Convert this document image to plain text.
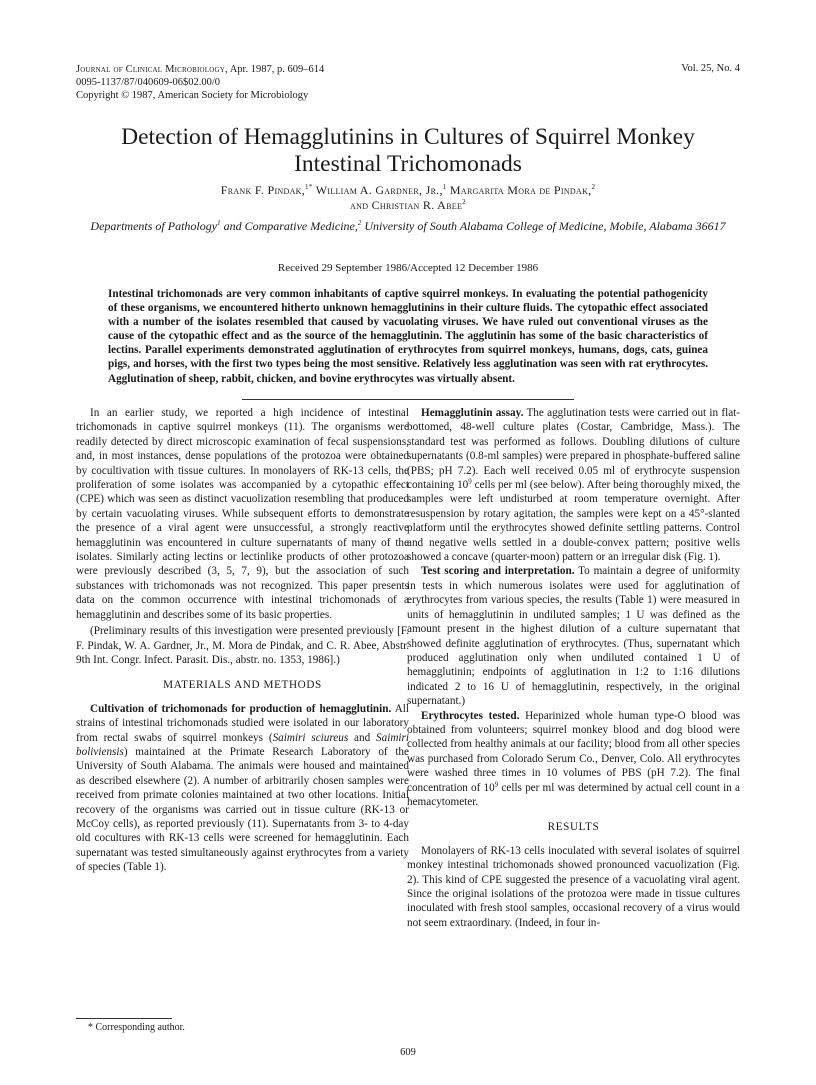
Journal of Clinical Microbiology, Apr. 1987, p. 609–614
0095-1137/87/040609-06$02.00/0
Copyright © 1987, American Society for Microbiology
Vol. 25, No. 4
Detection of Hemagglutinins in Cultures of Squirrel Monkey
Intestinal Trichomonads
Frank F. Pindak,$^{1*}$ William A. Gardner, Jr.,$^1$ Margarita Mora de Pindak,$^2$
and Christian R. Abee$^2$
Departments of Pathology$^1$ and Comparative Medicine,$^2$ University of South Alabama College of Medicine, Mobile, Alabama 36617
Received 29 September 1986/Accepted 12 December 1986
Intestinal trichomonads are very common inhabitants of captive squirrel monkeys. In evaluating the potential pathogenicity of these organisms, we encountered hitherto unknown hemagglutinins in their culture fluids. The cytopathic effect associated with a number of the isolates resembled that caused by vacuolating viruses. We have ruled out conventional viruses as the cause of the cytopathic effect and as the source of the hemagglutinin. The agglutinin has some of the basic characteristics of lectins. Parallel experiments demonstrated agglutination of erythrocytes from squirrel monkeys, humans, dogs, cats, guinea pigs, and horses, with the first two types being the most sensitive. Relatively less agglutination was seen with rat erythrocytes. Agglutination of sheep, rabbit, chicken, and bovine erythrocytes was virtually absent.

In an earlier study, we reported a high incidence of intestinal trichomonads in captive squirrel monkeys (11). The organisms were readily detected by direct microscopic examination of fecal suspensions, and, in most instances, dense populations of the protozoa were obtained by cocultivation with tissue cultures. In monolayers of RK-13 cells, the proliferation of some isolates was accompanied by a cytopathic effect (CPE) which was seen as distinct vacuolization resembling that produced by certain vacuolating viruses. While subsequent efforts to demonstrate the presence of a viral agent were unsuccessful, a strongly reactive hemagglutinin was encountered in culture supernatants of many of the isolates. Similarly acting lectins or lectinlike products of other protozoa were previously described (3, 5, 7, 9), but the association of such substances with trichomonads was not recognized. This paper presents data on the common occurrence with intestinal trichomonads of a hemagglutinin and describes some of its basic properties.

(Preliminary results of this investigation were presented previously [F. F. Pindak, W. A. Gardner, Jr., M. Mora de Pindak, and C. R. Abee, Abstr. 9th Int. Congr. Infect. Parasit. Dis., abstr. no. 1353, 1986].)

MATERIALS AND METHODS

Cultivation of trichomonads for production of hemagglutinin. All strains of intestinal trichomonads studied were isolated in our laboratory from rectal swabs of squirrel monkeys (Saimiri sciureus and Saimiri boliviensis) maintained at the Primate Research Laboratory of the University of South Alabama. The animals were housed and maintained as described elsewhere (2). A number of arbitrarily chosen samples were received from primate colonies maintained at two other locations. Initial recovery of the organisms was carried out in tissue culture (RK-13 or McCoy cells), as reported previously (11). Supernatants from 3- to 4-day old cocultures with RK-13 cells were screened for hemagglutinin. Each supernatant was tested simultaneously against erythrocytes from a variety of species (Table 1).

Hemagglutinin assay. The agglutination tests were carried out in flat-bottomed, 48-well culture plates (Costar, Cambridge, Mass.). The standard test was performed as follows. Doubling dilutions of culture supernatants (0.8-ml samples) were prepared in phosphate-buffered saline (PBS; pH 7.2). Each well received 0.05 ml of erythrocyte suspension containing $10^9$ cells per ml (see below). After being thoroughly mixed, the samples were left undisturbed at room temperature overnight. After resuspension by rotary agitation, the samples were kept on a 45°-slanted platform until the erythrocytes showed definite settling patterns. Control and negative wells settled in a double-convex pattern; positive wells showed a concave (quarter-moon) pattern or an irregular disk (Fig. 1).

Test scoring and interpretation. To maintain a degree of uniformity in tests in which numerous isolates were used for agglutination of erythrocytes from various species, the results (Table 1) were measured in units of hemagglutinin in undiluted samples; 1 U was defined as the amount present in the highest dilution of a culture supernatant that showed definite agglutination of erythrocytes. (Thus, supernatant which produced agglutination only when undiluted contained 1 U of hemagglutinin; endpoints of agglutination in 1:2 to 1:16 dilutions indicated 2 to 16 U of hemagglutinin, respectively, in the original supernatant.)

Erythrocytes tested. Heparinized whole human type-O blood was obtained from volunteers; squirrel monkey blood and dog blood were collected from healthy animals at our facility; blood from all other species was purchased from Colorado Serum Co., Denver, Colo. All erythrocytes were washed three times in 10 volumes of PBS (pH 7.2). The final concentration of $10^9$ cells per ml was determined by actual cell count in a hemacytometer.

RESULTS

Monolayers of RK-13 cells inoculated with several isolates of squirrel monkey intestinal trichomonads showed pronounced vacuolization (Fig. 2). This kind of CPE suggested the presence of a vacuolating viral agent. Since the original isolations of the protozoa were made in tissue cultures inoculated with fresh stool samples, occasional recovery of a virus would not seem extraordinary. (Indeed, in four in-

* Corresponding author.
609
